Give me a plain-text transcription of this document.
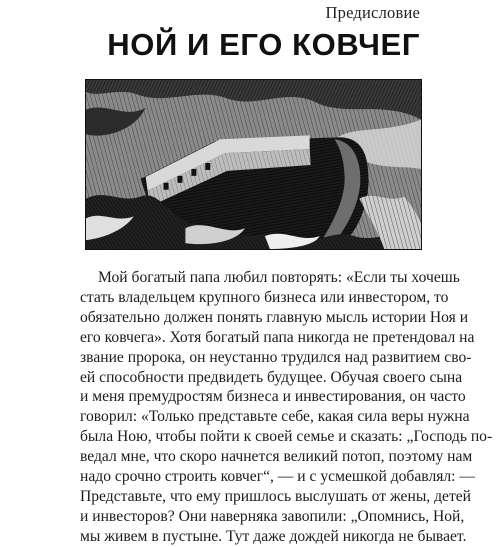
Предисловие
НОЙ И ЕГО КОВЧЕГ
Мой богатый папа любил повторять: «Если ты хочешь
стать владельцем крупного бизнеса или инвестором, то
обязательно должен понять главную мысль истории Ноя и
его ковчега». Хотя богатый папа никогда не претендовал на
звание пророка, он неустанно трудился над развитием сво-
ей способности предвидеть будущее. Обучая своего сына
и меня премудростям бизнеса и инвестирования, он часто
говорил: «Только представьте себе, какая сила веры нужна
была Ною, чтобы пойти к своей семье и сказать: „Господь по-
ведал мне, что скоро начнется великий потоп, поэтому нам
надо срочно строить ковчег“, — и с усмешкой добавлял: —
Представьте, что ему пришлось выслушать от жены, детей
и инвесторов? Они наверняка завопили: „Опомнись, Ной,
мы живем в пустыне. Тут даже дождей никогда не бывает.
